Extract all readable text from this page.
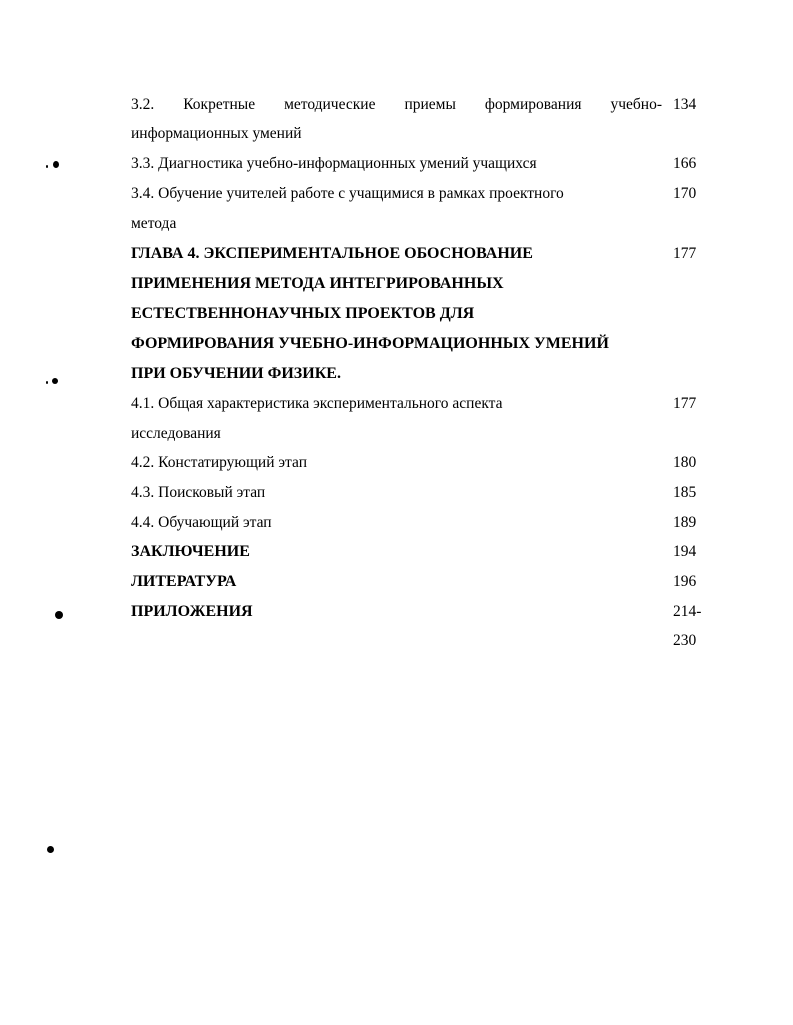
3.2. Кокретные методические приемы формирования учебно- 134
информационных умений
3.3. Диагностика учебно-информационных умений учащихся	166
3.4. Обучение учителей работе с учащимися в рамках проектного	170
метода
ГЛАВА 4. ЭКСПЕРИМЕНТАЛЬНОЕ ОБОСНОВАНИЕ	177
ПРИМЕНЕНИЯ МЕТОДА ИНТЕГРИРОВАННЫХ
ЕСТЕСТВЕННОНАУЧНЫХ ПРОЕКТОВ ДЛЯ
ФОРМИРОВАНИЯ УЧЕБНО-ИНФОРМАЦИОННЫХ УМЕНИЙ
ПРИ ОБУЧЕНИИ ФИЗИКЕ.
4.1. Общая характеристика экспериментального аспекта	177
исследования
4.2. Констатирующий этап	180
4.3. Поисковый этап	185
4.4. Обучающий этап	189
ЗАКЛЮЧЕНИЕ	194
ЛИТЕРАТУРА	196
ПРИЛОЖЕНИЯ	214-
230
